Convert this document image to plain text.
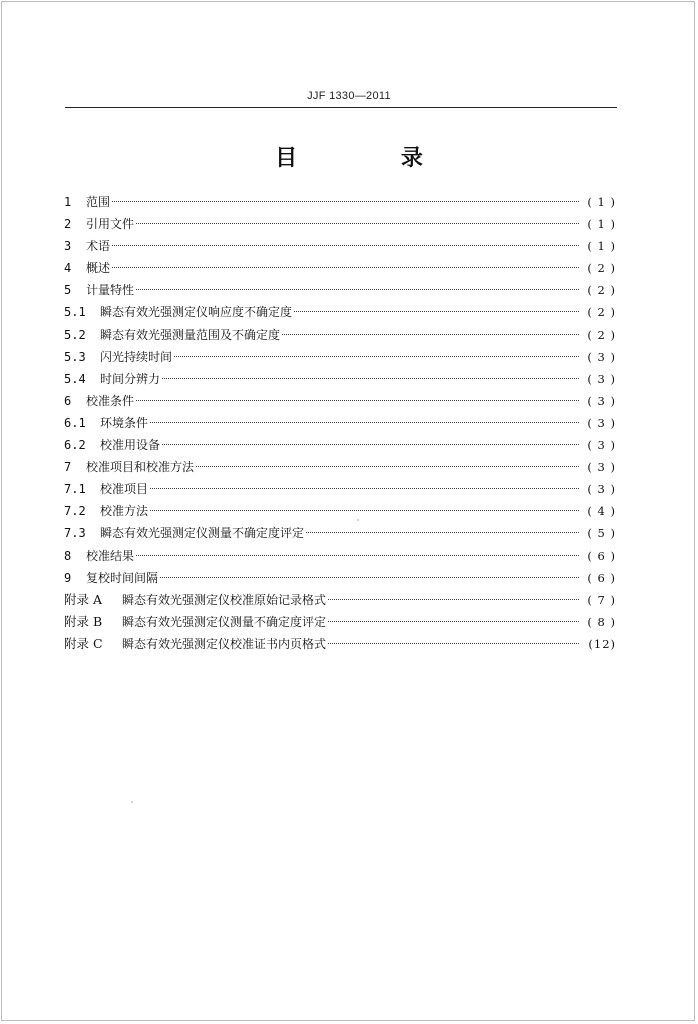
JJF 1330—2011
目 录
1	范围	( 1 )
2	引用文件	( 1 )
3	术语	( 1 )
4	概述	( 2 )
5	计量特性	( 2 )
5.1	瞬态有效光强测定仪响应度不确定度	( 2 )
5.2	瞬态有效光强测量范围及不确定度	( 2 )
5.3	闪光持续时间	( 3 )
5.4	时间分辨力	( 3 )
6	校准条件	( 3 )
6.1	环境条件	( 3 )
6.2	校准用设备	( 3 )
7	校准项目和校准方法	( 3 )
7.1	校准项目	( 3 )
7.2	校准方法	( 4 )
7.3	瞬态有效光强测定仪测量不确定度评定	( 5 )
8	校准结果	( 6 )
9	复校时间间隔	( 6 )
附录 A	瞬态有效光强测定仪校准原始记录格式	( 7 )
附录 B	瞬态有效光强测定仪测量不确定度评定	( 8 )
附录 C	瞬态有效光强测定仪校准证书内页格式	(12)
